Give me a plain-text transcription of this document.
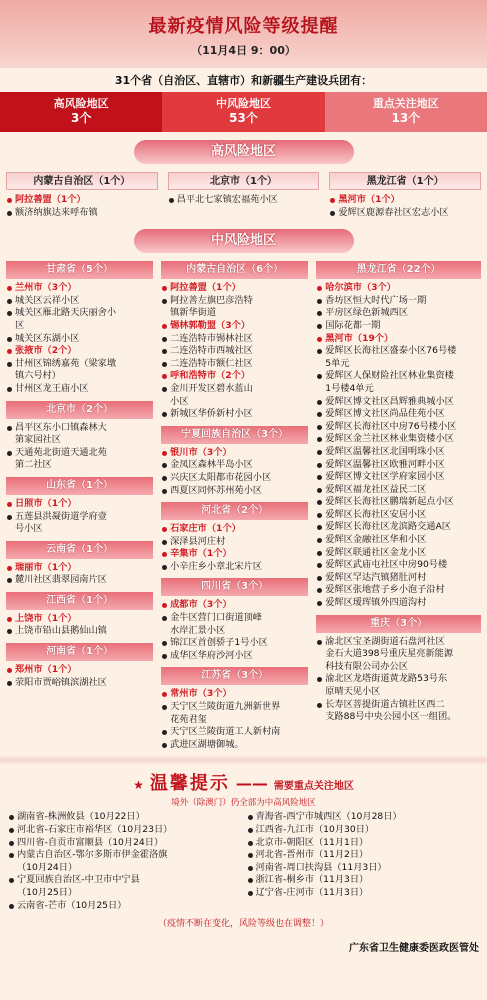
最新疫情风险等级提醒
（11月4日 9：00）
31个省（自治区、直辖市）和新疆生产建设兵团有：
高风险地区
3个
中风险地区
53个
重点关注地区
13个
高风险地区
内蒙古自治区（1个）
阿拉善盟（1个）
额济纳旗达来呼布镇
北京市（1个）
昌平北七家镇宏福苑小区
黑龙江省（1个）
黑河市（1个）
爱辉区鹿源春社区宏志小区
中风险地区
甘肃省（5个）
兰州市（3个）
城关区云祥小区
城关区雁北路天庆丽舍小
区
城关区东湖小区
张掖市（2个）
甘州区锦绣嘉苑（梁家墩
镇六号村）
甘州区龙王庙小区
北京市（2个）
昌平区东小口镇森林大
第家园社区
天通苑北街道天通北苑
第二社区
山东省（1个）
日照市（1个）
五莲县洪凝街道学府壹
号小区
云南省（1个）
瑞丽市（1个）
麓川社区翡翠园南片区
江西省（1个）
上饶市（1个）
上饶市铅山县鹅仙山镇
河南省（1个）
郑州市（1个）
荥阳市贾峪镇滨湖社区
内蒙古自治区（6个）
阿拉善盟（1个）
阿拉善左旗巴彦浩特
镇新华街道
锡林郭勒盟（3个）
二连浩特市锡林社区
二连浩特市西城社区
二连浩特市额仁社区
呼和浩特市（2个）
金川开发区碧水蓝山
小区
新城区华侨新村小区
宁夏回族自治区（3个）
银川市（3个）
金凤区森林半岛小区
兴庆区太阳都市花园小区
西夏区同怀苏州苑小区
河北省（2个）
石家庄市（1个）
深泽县河庄村
辛集市（1个）
小辛庄乡小章北宋片区
四川省（3个）
成都市（3个）
金牛区营门口街道顶峰
水岸汇景小区
锦江区首创骄子1号小区
成华区华府沙河小区
江苏省（3个）
常州市（3个）
天宁区兰陵街道九洲新世界
花苑君玺
天宁区兰陵街道工人新村南
武进区湖塘御城。
黑龙江省（22个）
哈尔滨市（3个）
香坊区恒大时代广场一期
平房区绿色新城西区
国际花都一期
黑河市（19个）
爱辉区长海社区盛泰小区76号楼
5单元
爱辉区人保财险社区林业集资楼
1号楼4单元
爱辉区博文社区昌辉雅典城小区
爱辉区博文社区尚品佳苑小区
爱辉区长海社区中房76号楼小区
爱辉区金兰社区林业集资楼小区
爱辉区温馨社区北国明珠小区
爱辉区温馨社区欧雅河畔小区
爱辉区博文社区学府家园小区
爱辉区福龙社区益民二区
爱辉区长海社区鹏瑞新起点小区
爱辉区长海社区安居小区
爱辉区长海社区龙滨路交通A区
爱辉区金融社区华和小区
爱辉区联通社区金龙小区
爱辉区武庙屯社区中房90号楼
爱辉区罕达汽镇猪肚河村
爱辉区张地营子乡小泡子沿村
爱辉区瑷珲镇外四道沟村
重庆（3个）
渝北区宝圣湖街道石盘河社区
金石大道398号重庆星亮新能源
科技有限公司办公区
渝北区龙塔街道黄龙路53号东
原晴天见小区
长寿区菩提街道古镇社区西二
支路88号中央公园小区一组团。
★ 温馨提示 —— 需要重点关注地区
境外（除澳门）仍全部为中高风险地区
湖南省-株洲攸县（10月22日）
河北省-石家庄市裕华区（10月23日）
四川省-自贡市富顺县（10月24日）
内蒙古自治区-鄂尔多斯市伊金霍洛旗
（10月24日）
宁夏回族自治区-中卫市中宁县
（10月25日）
云南省-芒市（10月25日）
青海省-西宁市城西区（10月28日）
江西省-九江市（10月30日）
北京市-朝阳区（11月1日）
河北省-晋州市（11月2日）
河南省-周口扶沟县（11月3日）
浙江省-桐乡市（11月3日）
辽宁省-庄河市（11月3日）
（疫情不断在变化，风险等级也在调整！）
广东省卫生健康委医政医管处
